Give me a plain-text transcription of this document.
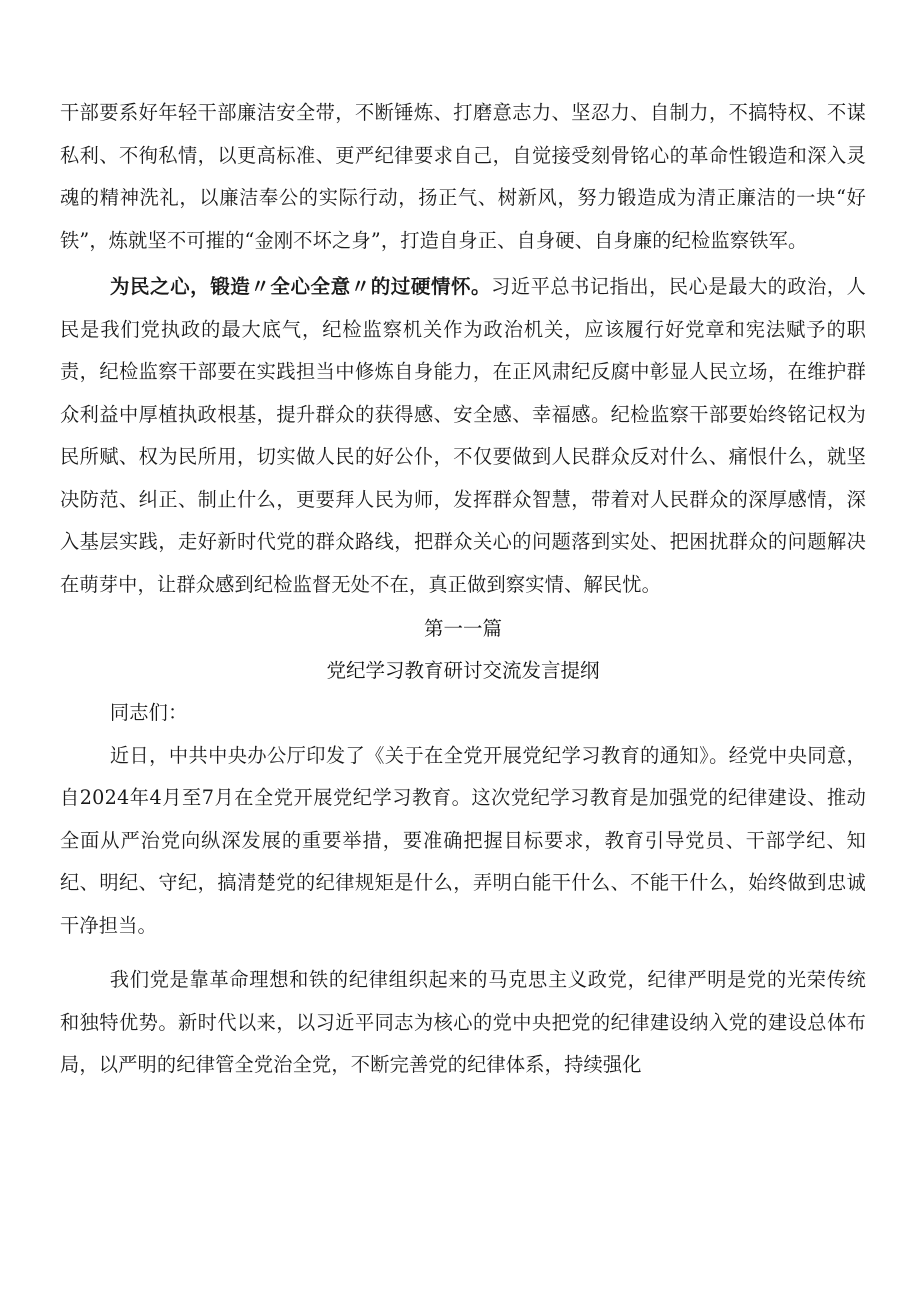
干部要系好年轻干部廉洁安全带，不断锤炼、打磨意志力、坚忍力、自制力，不搞特权、不谋私利、不徇私情，以更高标准、更严纪律要求自己，自觉接受刻骨铭心的革命性锻造和深入灵魂的精神洗礼，以廉洁奉公的实际行动，扬正气、树新风，努力锻造成为清正廉洁的一块“好铁”，炼就坚不可摧的“金刚不坏之身”，打造自身正、自身硬、自身廉的纪检监察铁军。

为民之心，锻造〃全心全意〃的过硬情怀。习近平总书记指出，民心是最大的政治，人民是我们党执政的最大底气，纪检监察机关作为政治机关，应该履行好党章和宪法赋予的职责，纪检监察干部要在实践担当中修炼自身能力，在正风肃纪反腐中彰显人民立场，在维护群众利益中厚植执政根基，提升群众的获得感、安全感、幸福感。纪检监察干部要始终铭记权为民所赋、权为民所用，切实做人民的好公仆，不仅要做到人民群众反对什么、痛恨什么，就坚决防范、纠正、制止什么，更要拜人民为师，发挥群众智慧，带着对人民群众的深厚感情，深入基层实践，走好新时代党的群众路线，把群众关心的问题落到实处、把困扰群众的问题解决在萌芽中，让群众感到纪检监督无处不在，真正做到察实情、解民忧。

第一一篇

党纪学习教育研讨交流发言提纲

同志们：

近日，中共中央办公厅印发了《关于在全党开展党纪学习教育的通知》。经党中央同意，自2024年4月至7月在全党开展党纪学习教育。这次党纪学习教育是加强党的纪律建设、推动全面从严治党向纵深发展的重要举措，要准确把握目标要求，教育引导党员、干部学纪、知纪、明纪、守纪，搞清楚党的纪律规矩是什么，弄明白能干什么、不能干什么，始终做到忠诚干净担当。

我们党是靠革命理想和铁的纪律组织起来的马克思主义政党，纪律严明是党的光荣传统和独特优势。新时代以来，以习近平同志为核心的党中央把党的纪律建设纳入党的建设总体布局，以严明的纪律管全党治全党，不断完善党的纪律体系，持续强化
